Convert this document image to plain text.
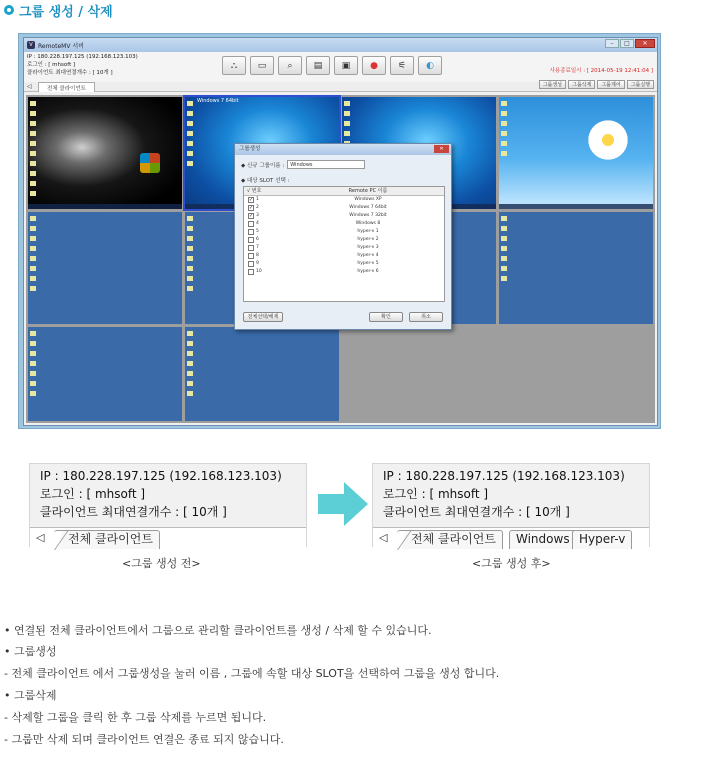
그룹 생성 / 삭제
V RemoteMV 서버	–	□	✕
IP : 180.228.197.125 (192.168.123.103)
로그인 : [ mhsoft ]
클라이언트 최대연결개수 : [ 10개 ]
⛬	▭	⌕	▤	▣	●	⚟	◐
사용종료일시 : [ 2014-05-19 12:41:04 ]
◁	전체 클라이언트
그룹생성	그룹삭제	그룹제어	그룹실행
Windows 7 64bit
그룹생성	✕
◆ 신규 그룹이름 :	Windows
◆ 대상 SLOT 선택 :
√ 번호	Remote PC 이름
✓ 1	Windows XP
✓ 2	Windows 7 64bit
✓ 3	Windows 7 32bit
4	Windows 8
5	hyper-v 1
6	hyper-v 2
7	hyper-v 3
8	hyper-v 4
9	hyper-v 5
10	hyper-v 6
전체선택/해제	확인	취소
IP : 180.228.197.125 (192.168.123.103)
로그인 : [ mhsoft ]
클라이언트 최대연결개수 : [ 10개 ]
◁	전체 클라이언트
IP : 180.228.197.125 (192.168.123.103)
로그인 : [ mhsoft ]
클라이언트 최대연결개수 : [ 10개 ]
◁	전체 클라이언트	Windows Hyper-v
<그룹 생성 전>	<그룹 생성 후>
• 연결된 전체 클라이언트에서 그룹으로 관리할 클라이언트를 생성 / 삭제 할 수 있습니다.
• 그룹생성
- 전체 클라이언트 에서 그룹생성을 눌러 이름 , 그룹에 속할 대상 SLOT을 선택하여 그룹을 생성 합니다.
• 그룹삭제
- 삭제할 그룹을 클릭 한 후 그룹 삭제를 누르면 됩니다.
- 그룹만 삭제 되며 클라이언트 연결은 종료 되지 않습니다.
